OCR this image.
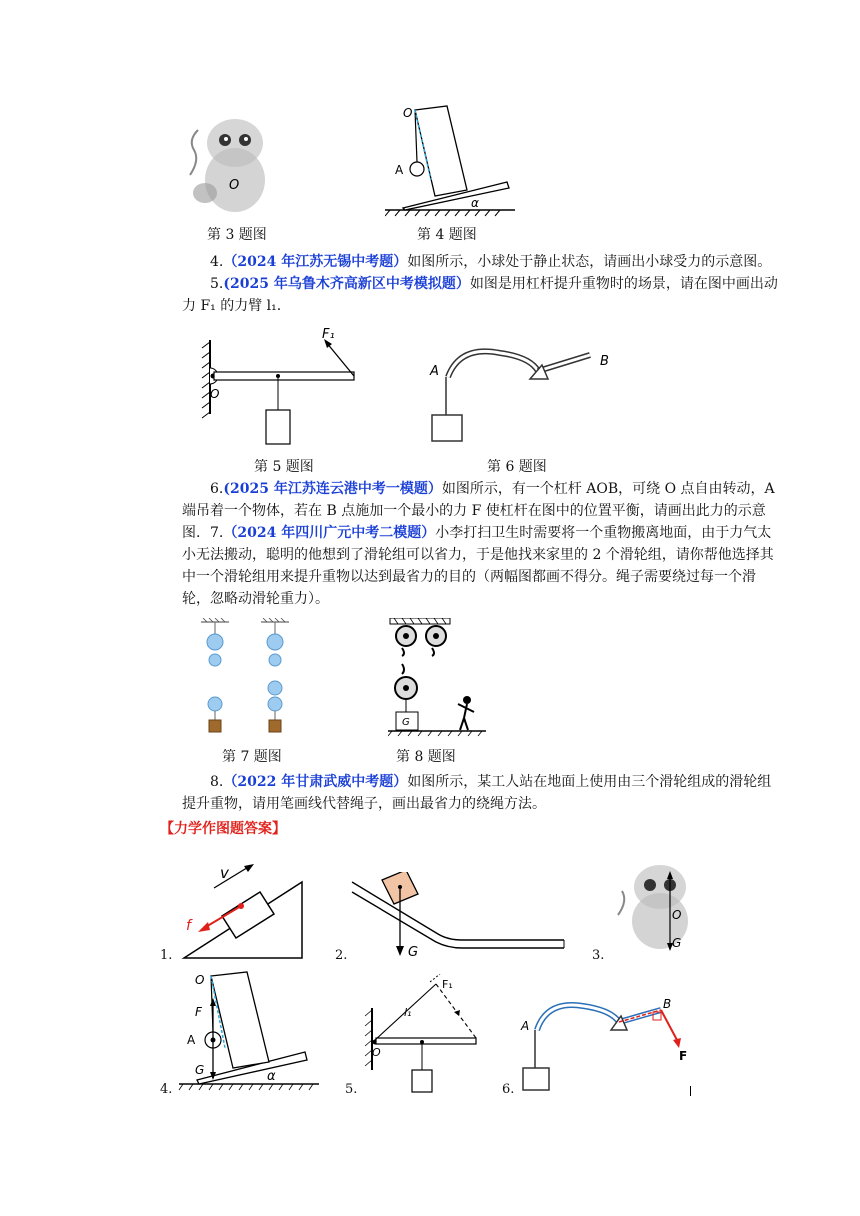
O
O
A
α
第 3 题图	第 4 题图
4.（2024 年江苏无锡中考题）如图所示，小球处于静止状态，请画出小球受力的示意图。
5.(2025 年乌鲁木齐高新区中考模拟题）如图是用杠杆提升重物时的场景，请在图中画出动力 F₁ 的力臂 l₁.
F₁
O
A
B
第 5 题图	第 6 题图
6.(2025 年江苏连云港中考一模题）如图所示，有一个杠杆 AOB，可绕 O 点自由转动，A 端吊着一个物体，若在 B 点施加一个最小的力 F 使杠杆在图中的位置平衡，请画出此力的示意图. 7.（2024 年四川广元中考二模题）小李打扫卫生时需要将一个重物搬离地面，由于力气太小无法搬动，聪明的他想到了滑轮组可以省力，于是他找来家里的 2 个滑轮组，请你帮他选择其中一个滑轮组用来提升重物以达到最省力的目的（两幅图都画不得分。绳子需要绕过每一个滑轮，忽略动滑轮重力）。
G
第 7 题图	第 8 题图
8.（2022 年甘肃武威中考题）如图所示，某工人站在地面上使用由三个滑轮组成的滑轮组提升重物，请用笔画线代替绳子，画出最省力的绕绳方法。
【力学作图题答案】
v
f
1.	G
2.
O
G
3.
O
F
A
G	α
4.
F₁
l₁
O
5.
A
B
F
6.
